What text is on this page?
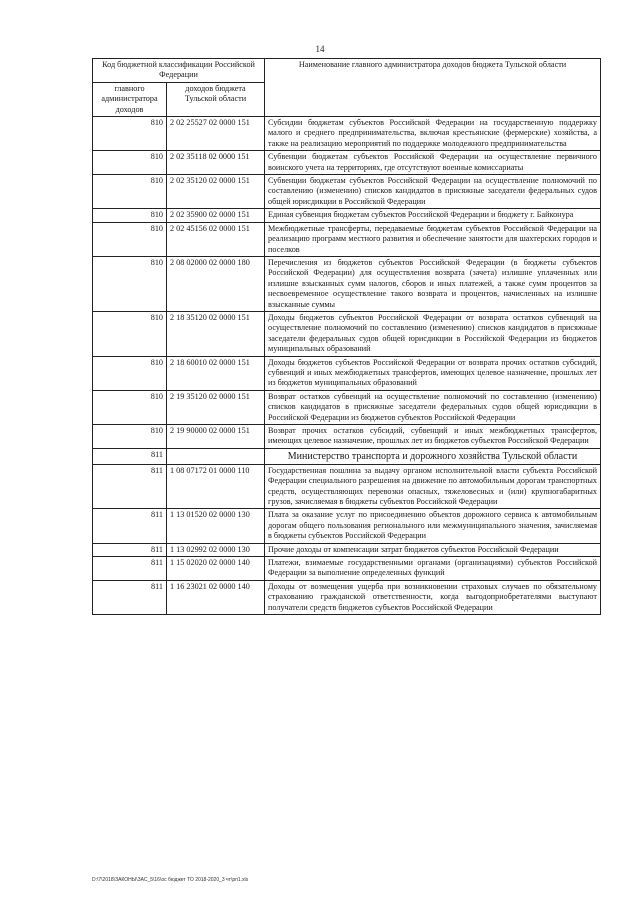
14
Код бюджетной классификации Российской Федерации		Наименование главного администратора доходов бюджета Тульской области
главного администратора доходов	доходов бюджета Тульской области	
810	2 02 25527 02 0000 151	Субсидии бюджетам субъектов Российской Федерации на государственную поддержку малого и среднего предпринимательства, включая крестьянские (фермерские) хозяйства, а также на реализацию мероприятий по поддержке молодежного предпринимательства
810	2 02 35118 02 0000 151	Субвенции бюджетам субъектов Российской Федерации на осуществление первичного воинского учета на территориях, где отсутствуют военные комиссариаты
810	2 02 35120 02 0000 151	Субвенции бюджетам субъектов Российской Федерации на осуществление полномочий по составлению (изменению) списков кандидатов в присяжные заседатели федеральных судов общей юрисдикции в Российской Федерации
810	2 02 35900 02 0000 151	Единая субвенция бюджетам субъектов Российской Федерации и бюджету г. Байконура
810	2 02 45156 02 0000 151	Межбюджетные трансферты, передаваемые бюджетам субъектов Российской Федерации на реализацию программ местного развития и обеспечение занятости для шахтерских городов и поселков
810	2 08 02000 02 0000 180	Перечисления из бюджетов субъектов Российской Федерации (в бюджеты субъектов Российской Федерации) для осуществления возврата (зачета) излишне уплаченных или излишне взысканных сумм налогов, сборов и иных платежей, а также сумм процентов за несвоевременное осуществление такого возврата и процентов, начисленных на излишне взысканные суммы
810	2 18 35120 02 0000 151	Доходы бюджетов субъектов Российской Федерации от возврата остатков субвенций на осуществление полномочий по составлению (изменению) списков кандидатов в присяжные заседатели федеральных судов общей юрисдикции в Российской Федерации из бюджетов муниципальных образований
810	2 18 60010 02 0000 151	Доходы бюджетов субъектов Российской Федерации от возврата прочих остатков субсидий, субвенций и иных межбюджетных трансфертов, имеющих целевое назначение, прошлых лет из бюджетов муниципальных образований
810	2 19 35120 02 0000 151	Возврат остатков субвенций на осуществление полномочий по составлению (изменению) списков кандидатов в присяжные заседатели федеральных судов общей юрисдикции в Российской Федерации из бюджетов субъектов Российской Федерации
810	2 19 90000 02 0000 151	Возврат прочих остатков субсидий, субвенций и иных межбюджетных трансфертов, имеющих целевое назначение, прошлых лет из бюджетов субъектов Российской Федерации
811		Министерство транспорта и дорожного хозяйства Тульской области
811	1 08 07172 01 0000 110	Государственная пошлина за выдачу органом исполнительной власти субъекта Российской Федерации специального разрешения на движение по автомобильным дорогам транспортных средств, осуществляющих перевозки опасных, тяжеловесных и (или) крупногабаритных грузов, зачисляемая в бюджеты субъектов Российской Федерации
811	1 13 01520 02 0000 130	Плата за оказание услуг по присоединению объектов дорожного сервиса к автомобильным дорогам общего пользования регионального или межмуниципального значения, зачисляемая в бюджеты субъектов Российской Федерации
811	1 13 02992 02 0000 130	Прочие доходы от компенсации затрат бюджетов субъектов Российской Федерации
811	1 15 02020 02 0000 140	Платежи, взимаемые государственными органами (организациями) субъектов Российской Федерации за выполнение определенных функций
811	1 16 23021 02 0000 140	Доходы от возмещения ущерба при возникновении страховых случаев по обязательному страхованию гражданской ответственности, когда выгодоприобретателями выступают получатели средств бюджетов субъектов Российской Федерации
D:\7\2018\ЗАКОНЫ\ЗАС_5\16\ос бюджет ТО 2018-2020_3 чт\рп1.xls
